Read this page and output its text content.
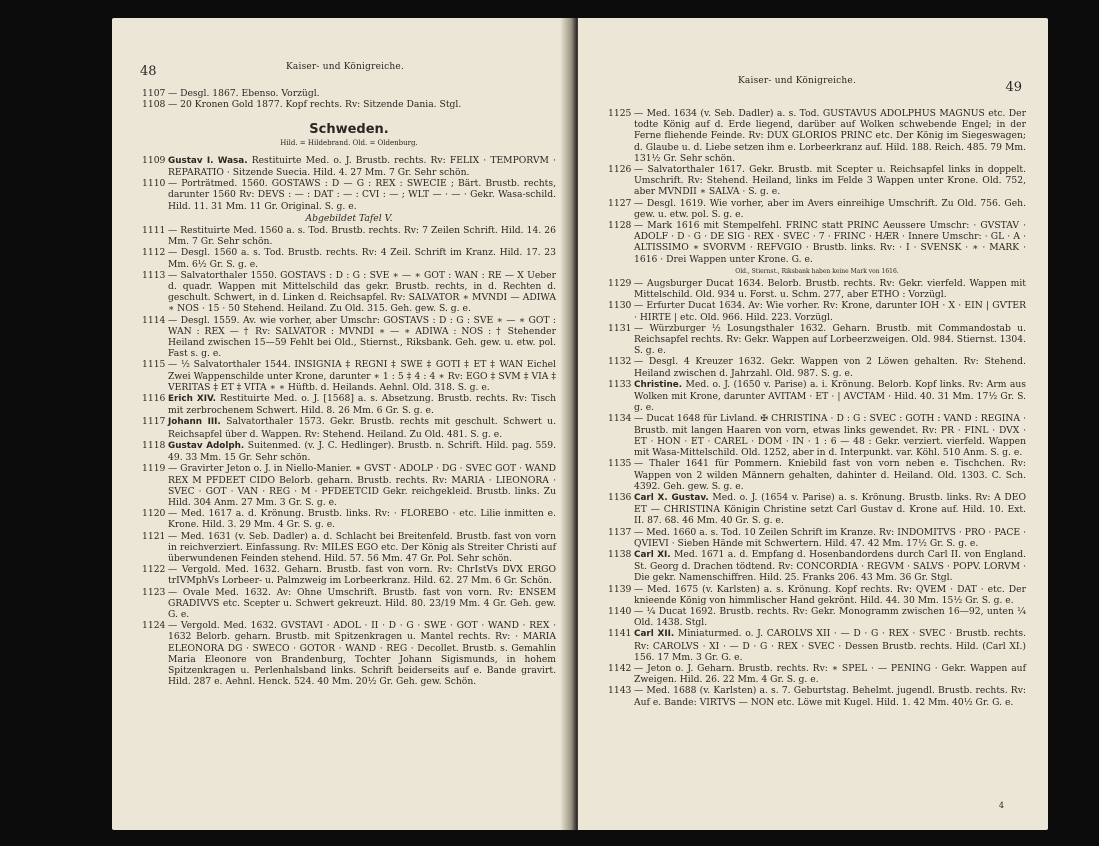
48	Kaiser- und Königreiche.

1107 — Desgl. 1867. Ebenso. Vorzügl.

1108 — 20 Kronen Gold 1877. Kopf rechts. Rv: Sitzende Dania. Stgl.

Schweden.
Hild. = Hildebrand. Old. = Oldenburg.

1109 Gustav I. Wasa. Restituirte Med. o. J. Brustb. rechts. Rv: FELIX · TEMPORVM · REPARATIO · Sitzende Suecia. Hild. 4. 27 Mm. 7 Gr. Sehr schön.

1110 — Porträtmed. 1560. GOSTAWS : D — G : REX : SWECIE ; Bärt. Brustb. rechts, darunter 1560 Rv: DEVS : — : DAT : — : CVI : — ; WLT — · — · Gekr. Wasa-schild. Hild. 11. 31 Mm. 11 Gr. Original. S. g. e.

Abgebildet Tafel V.

1111 — Restituirte Med. 1560 a. s. Tod. Brustb. rechts. Rv: 7 Zeilen Schrift. Hild. 14. 26 Mm. 7 Gr. Sehr schön.

1112 — Desgl. 1560 a. s. Tod. Brustb. rechts. Rv: 4 Zeil. Schrift im Kranz. Hild. 17. 23 Mm. 6½ Gr. S. g. e.

1113 — Salvatorthaler 1550. GOSTAVS : D : G : SVE ∗ — ∗ GOT : WAN : RE — X Ueber d. quadr. Wappen mit Mittelschild das gekr. Brustb. rechts, in d. Rechten d. geschult. Schwert, in d. Linken d. Reichsapfel. Rv: SALVATOR ∗ MVNDI — ADIWA ∗ NOS · 15 · 50 Stehend. Heiland. Zu Old. 315. Geh. gew. S. g. e.

1114 — Desgl. 1559. Av. wie vorher, aber Umschr: GOSTAVS : D : G : SVE ∗ — ∗ GOT : WAN : REX — † Rv: SALVATOR : MVNDI ∗ — ∗ ADIWA : NOS : † Stehender Heiland zwischen 15—59 Fehlt bei Old., Stiernst., Riksbank. Geh. gew. u. etw. pol. Fast s. g. e.

1115 — ½ Salvatorthaler 1544. INSIGNIA ‡ REGNI ‡ SWE ‡ GOTI ‡ ET ‡ WAN Eichel Zwei Wappenschilde unter Krone, darunter ∗ 1 : 5 ‡ 4 : 4 ∗ Rv: EGO ‡ SVM ‡ VIA ‡ VERITAS ‡ ET ‡ VITA ∗ ∗ Hüftb. d. Heilands. Aehnl. Old. 318. S. g. e.

1116 Erich XIV. Restituirte Med. o. J. [1568] a. s. Absetzung. Brustb. rechts. Rv: Tisch mit zerbrochenem Schwert. Hild. 8. 26 Mm. 6 Gr. S. g. e.

1117 Johann III. Salvatorthaler 1573. Gekr. Brustb. rechts mit geschult. Schwert u. Reichsapfel über d. Wappen. Rv: Stehend. Heiland. Zu Old. 481. S. g. e.

1118 Gustav Adolph. Suitenmed. (v. J. C. Hedlinger). Brustb. n. Schrift. Hild. pag. 559. 49. 33 Mm. 15 Gr. Sehr schön.

1119 — Gravirter Jeton o. J. in Niello-Manier. ∗ GVST · ADOLP · DG · SVEC GOT · WAND REX M PFDEET CIDO Belorb. geharn. Brustb. rechts. Rv: MARIA · LIEONORA · SVEC · GOT · VAN · REG · M · PFDEETCID Gekr. reichgekleid. Brustb. links. Zu Hild. 304 Anm. 27 Mm. 3 Gr. S. g. e.

1120 — Med. 1617 a. d. Krönung. Brustb. links. Rv: · FLOREBO · etc. Lilie inmitten e. Krone. Hild. 3. 29 Mm. 4 Gr. S. g. e.

1121 — Med. 1631 (v. Seb. Dadler) a. d. Schlacht bei Breitenfeld. Brustb. fast von vorn in reichverziert. Einfassung. Rv: MILES EGO etc. Der König als Streiter Christi auf überwundenen Feinden stehend. Hild. 57. 56 Mm. 47 Gr. Pol. Sehr schön.

1122 — Vergold. Med. 1632. Geharn. Brustb. fast von vorn. Rv: ChrIstVs DVX ERGO trIVMphVs Lorbeer- u. Palmzweig im Lorbeerkranz. Hild. 62. 27 Mm. 6 Gr. Schön.

1123 — Ovale Med. 1632. Av: Ohne Umschrift. Brustb. fast von vorn. Rv: ENSEM GRADIVVS etc. Scepter u. Schwert gekreuzt. Hild. 80. 23/19 Mm. 4 Gr. Geh. gew. G. e.

1124 — Vergold. Med. 1632. GVSTAVI · ADOL · II · D · G · SWE · GOT · WAND · REX · 1632 Belorb. geharn. Brustb. mit Spitzenkragen u. Mantel rechts. Rv: · MARIA ELEONORA DG · SWECO · GOTOR · WAND · REG · Decollet. Brustb. s. Gemahlin Maria Eleonore von Brandenburg, Tochter Johann Sigismunds, in hohem Spitzenkragen u. Perlenhalsband links. Schrift beiderseits auf e. Bande gravirt. Hild. 287 e. Aehnl. Henck. 524. 40 Mm. 20½ Gr. Geh. gew. Schön.

Kaiser- und Königreiche.	49

1125 — Med. 1634 (v. Seb. Dadler) a. s. Tod. GUSTAVUS ADOLPHUS MAGNUS etc. Der todte König auf d. Erde liegend, darüber auf Wolken schwebende Engel; in der Ferne fliehende Feinde. Rv: DUX GLORIOS PRINC etc. Der König im Siegeswagen; d. Glaube u. d. Liebe setzen ihm e. Lorbeerkranz auf. Hild. 188. Reich. 485. 79 Mm. 131½ Gr. Sehr schön.

1126 — Salvatorthaler 1617. Gekr. Brustb. mit Scepter u. Reichsapfel links in doppelt. Umschrift. Rv: Stehend. Heiland, links im Felde 3 Wappen unter Krone. Old. 752, aber MVNDII ∗ SALVA · S. g. e.

1127 — Desgl. 1619. Wie vorher, aber im Avers einreihige Umschrift. Zu Old. 756. Geh. gew. u. etw. pol. S. g. e.

1128 — Mark 1616 mit Stempelfehl. FRINC statt PRINC Aeussere Umschr: · GVSTAV · ADOLF · D · G · DE SIG · REX · SVEC · 7 · FRINC · HÆR · Innere Umschr: · GL · A · ALTISSIMO ∗ SVORVM · REFVGIO · Brustb. links. Rv: · I · SVENSK · ∗ · MARK · 1616 · Drei Wappen unter Krone. G. e.

Old., Stiernst., Riksbank haben keine Mark von 1616.

1129 — Augsburger Ducat 1634. Belorb. Brustb. rechts. Rv: Gekr. vierfeld. Wappen mit Mittelschild. Old. 934 u. Forst. u. Schm. 277, aber ETHO : Vorzügl.

1130 — Erfurter Ducat 1634. Av: Wie vorher. Rv: Krone, darunter IOH · X · EIN | GVTER · HIRTE | etc. Old. 966. Hild. 223. Vorzügl.

1131 — Würzburger ½ Losungsthaler 1632. Geharn. Brustb. mit Commandostab u. Reichsapfel rechts. Rv: Gekr. Wappen auf Lorbeerzweigen. Old. 984. Stiernst. 1304. S. g. e.

1132 — Desgl. 4 Kreuzer 1632. Gekr. Wappen von 2 Löwen gehalten. Rv: Stehend. Heiland zwischen d. Jahrzahl. Old. 987. S. g. e.

1133 Christine. Med. o. J. (1650 v. Parise) a. i. Krönung. Belorb. Kopf links. Rv: Arm aus Wolken mit Krone, darunter AVITAM · ET · | AVCTAM · Hild. 40. 31 Mm. 17½ Gr. S. g. e.

1134 — Ducat 1648 für Livland. ✠ CHRISTINA · D : G : SVEC : GOTH : VAND : REGINA · Brustb. mit langen Haaren von vorn, etwas links gewendet. Rv: PR · FINL · DVX · ET · HON · ET · CAREL · DOM · IN · 1 : 6 — 48 : Gekr. verziert. vierfeld. Wappen mit Wasa-Mittelschild. Old. 1252, aber in d. Interpunkt. var. Köhl. 510 Anm. S. g. e.

1135 — Thaler 1641 für Pommern. Kniebild fast von vorn neben e. Tischchen. Rv: Wappen von 2 wilden Männern gehalten, dahinter d. Heiland. Old. 1303. C. Sch. 4392. Geh. gew. S. g. e.

1136 Carl X. Gustav. Med. o. J. (1654 v. Parise) a. s. Krönung. Brustb. links. Rv: A DEO ET — CHRISTINA Königin Christine setzt Carl Gustav d. Krone auf. Hild. 10. Ext. II. 87. 68. 46 Mm. 40 Gr. S. g. e.

1137 — Med. 1660 a. s. Tod. 10 Zeilen Schrift im Kranze. Rv: INDOMITVS · PRO · PACE · QVIEVI · Sieben Hände mit Schwertern. Hild. 47. 42 Mm. 17½ Gr. S. g. e.

1138 Carl XI. Med. 1671 a. d. Empfang d. Hosenbandordens durch Carl II. von England. St. Georg d. Drachen tödtend. Rv: CONCORDIA · REGVM · SALVS · POPV. LORVM · Die gekr. Namenschiffren. Hild. 25. Franks 206. 43 Mm. 36 Gr. Stgl.

1139 — Med. 1675 (v. Karlsten) a. s. Krönung. Kopf rechts. Rv: QVEM · DAT · etc. Der knieende König von himmlischer Hand gekrönt. Hild. 44. 30 Mm. 15½ Gr. S. g. e.

1140 — ¼ Ducat 1692. Brustb. rechts. Rv: Gekr. Monogramm zwischen 16—92, unten ¼ Old. 1438. Stgl.

1141 Carl XII. Miniaturmed. o. J. CAROLVS XII · — D · G · REX · SVEC · Brustb. rechts. Rv: CAROLVS · XI · — D · G · REX · SVEC · Dessen Brustb. rechts. Hild. (Carl XI.) 156. 17 Mm. 3 Gr. G. e.

1142 — Jeton o. J. Geharn. Brustb. rechts. Rv: ∗ SPEL · — PENING · Gekr. Wappen auf Zweigen. Hild. 26. 22 Mm. 4 Gr. S. g. e.

1143 — Med. 1688 (v. Karlsten) a. s. 7. Geburtstag. Behelmt. jugendl. Brustb. rechts. Rv: Auf e. Bande: VIRTVS — NON etc. Löwe mit Kugel. Hild. 1. 42 Mm. 40½ Gr. G. e.

4
